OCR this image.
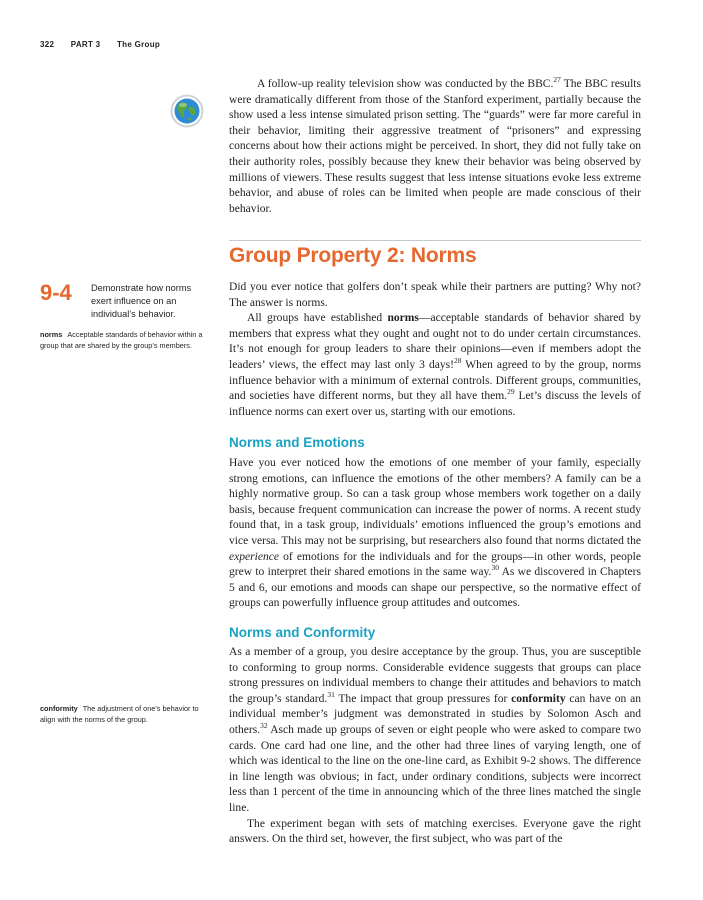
322 PART 3 The Group

A follow-up reality television show was conducted by the BBC.$^{27}$ The BBC results were dramatically different from those of the Stanford experiment, partially because the show used a less intense simulated prison setting. The “guards” were far more careful in their behavior, limiting their aggressive treatment of “prisoners” and expressing concerns about how their actions might be perceived. In short, they did not fully take on their authority roles, possibly because they knew their behavior was being observed by millions of viewers. These results suggest that less intense situations evoke less extreme behavior, and abuse of roles can be limited when people are made conscious of their behavior.

Group Property 2: Norms
9-4 Demonstrate how norms exert influence on an individual’s behavior.

norms Acceptable standards of behavior within a group that are shared by the group’s members.

Did you ever notice that golfers don’t speak while their partners are putting? Why not? The answer is norms.

All groups have established norms—acceptable standards of behavior shared by members that express what they ought and ought not to do under certain circumstances. It’s not enough for group leaders to share their opinions—even if members adopt the leaders’ views, the effect may last only 3 days!$^{28}$ When agreed to by the group, norms influence behavior with a minimum of external controls. Different groups, communities, and societies have different norms, but they all have them.$^{29}$ Let’s discuss the levels of influence norms can exert over us, starting with our emotions.

Norms and Emotions

Have you ever noticed how the emotions of one member of your family, especially strong emotions, can influence the emotions of the other members? A family can be a highly normative group. So can a task group whose members work together on a daily basis, because frequent communication can increase the power of norms. A recent study found that, in a task group, individuals’ emotions influenced the group’s emotions and vice versa. This may not be surprising, but researchers also found that norms dictated the experience of emotions for the individuals and for the groups—in other words, people grew to interpret their shared emotions in the same way.$^{30}$ As we discovered in Chapters 5 and 6, our emotions and moods can shape our perspective, so the normative effect of groups can powerfully influence group attitudes and outcomes.

Norms and Conformity

conformity The adjustment of one’s behavior to align with the norms of the group.

As a member of a group, you desire acceptance by the group. Thus, you are susceptible to conforming to group norms. Considerable evidence suggests that groups can place strong pressures on individual members to change their attitudes and behaviors to match the group’s standard.$^{31}$ The impact that group pressures for conformity can have on an individual member’s judgment was demonstrated in studies by Solomon Asch and others.$^{32}$ Asch made up groups of seven or eight people who were asked to compare two cards. One card had one line, and the other had three lines of varying length, one of which was identical to the line on the one-line card, as Exhibit 9-2 shows. The difference in line length was obvious; in fact, under ordinary conditions, subjects were incorrect less than 1 percent of the time in announcing which of the three lines matched the single line.

The experiment began with sets of matching exercises. Everyone gave the right answers. On the third set, however, the first subject, who was part of the
